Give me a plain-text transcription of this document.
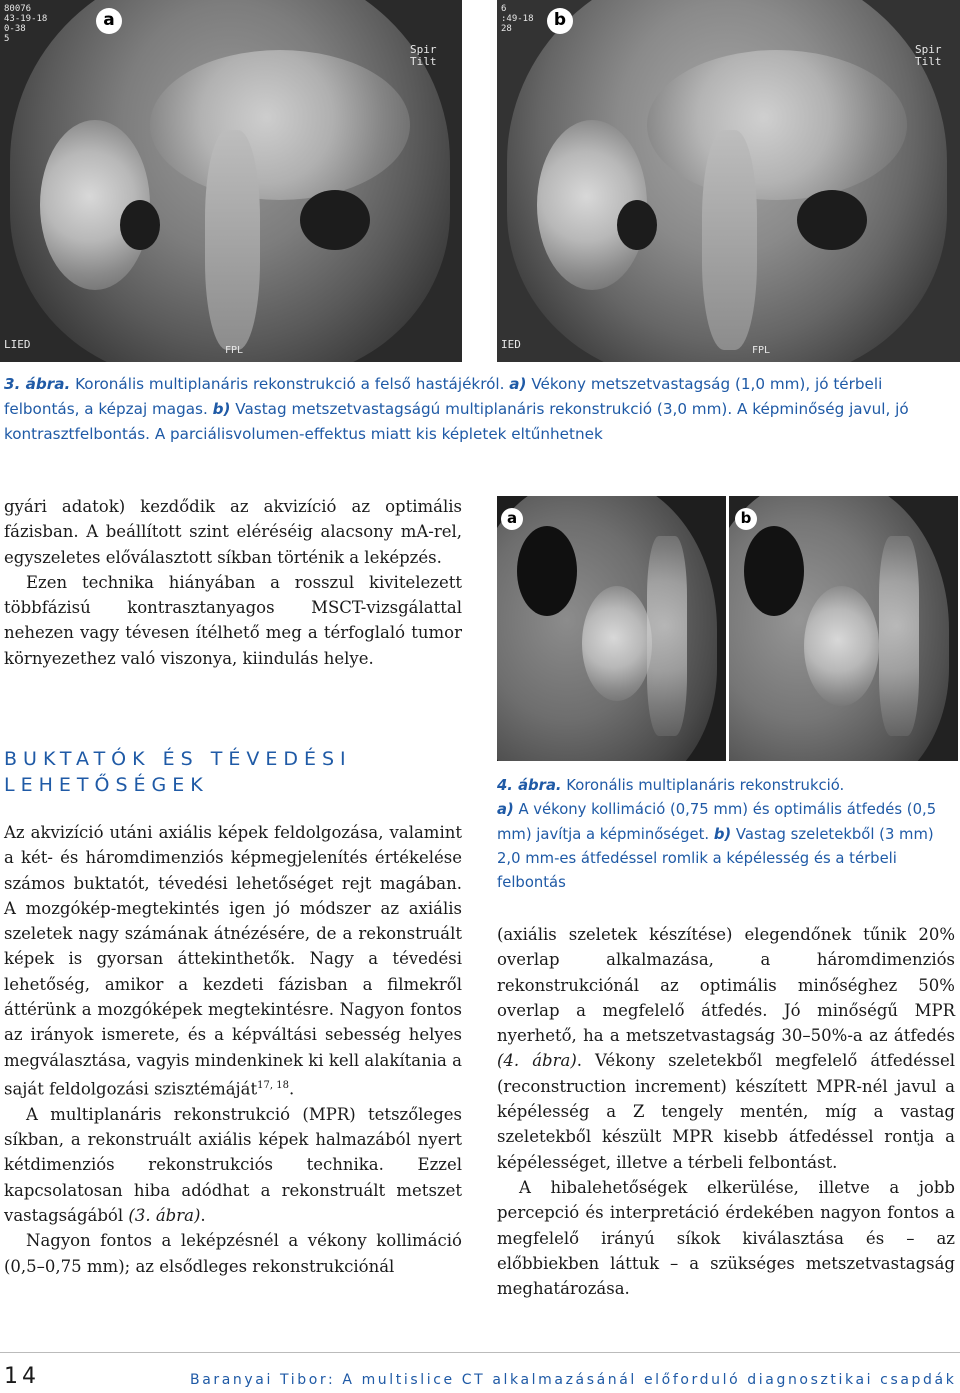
80076
43-19-18
0-38
5
Spir
Tilt
LIED	FPL
a
6
:49-18
28
Spir
Tilt
IED	FPL
b
3. ábra. Koronális multiplanáris rekonstrukció a felső hastájékról. a) Vékony metszetvastagság (1,0 mm), jó térbeli felbontás, a képzaj magas. b) Vastag metszetvastagságú multiplanáris rekonstrukció (3,0 mm). A képminőség javul, jó kontrasztfelbontás. A parciálisvolumen-effektus miatt kis képletek eltűnhetnek

gyári adatok) kezdődik az akvizíció az optimális fázisban. A beállított szint eléréséig alacsony mA-rel, egyszeletes előválasztott síkban történik a leképzés.

Ezen technika hiányában a rosszul kivitelezett többfázisú kontrasztanyagos MSCT-vizsgálattal nehezen vagy tévesen ítélhető meg a térfoglaló tumor környezethez való viszonya, kiindulás helye.

BUKTATÓK ÉS TÉVEDÉSI
LEHETŐSÉGEK

Az akvizíció utáni axiális képek feldolgozása, valamint a két- és háromdimenziós képmegjelenítés értékelése számos buktatót, tévedési lehetőséget rejt magában. A mozgókép-megtekintés igen jó módszer az axiális szeletek nagy számának átnézésére, de a rekonstruált képek is gyorsan áttekinthetők. Nagy a tévedési lehetőség, amikor a kezdeti fázisban a filmekről áttérünk a mozgóképek megtekintésre. Nagyon fontos az irányok ismerete, és a képváltási sebesség helyes megválasztása, vagyis mindenkinek ki kell alakítania a saját feldolgozási szisztémáját$^{17, 18}$.

A multiplanáris rekonstrukció (MPR) tetszőleges síkban, a rekonstruált axiális képek halmazából nyert kétdimenziós rekonstrukciós technika. Ezzel kapcsolatosan hiba adódhat a rekonstruált metszet vastagságából (3. ábra).

Nagyon fontos a leképzésnél a vékony kollimáció (0,5–0,75 mm); az elsődleges rekonstrukciónál

a	b
4. ábra. Koronális multiplanáris rekonstrukció.
a) A vékony kollimáció (0,75 mm) és optimális átfedés (0,5 mm) javítja a képminőséget. b) Vastag szeletekből (3 mm) 2,0 mm-es átfedéssel romlik a képélesség és a térbeli felbontás

(axiális szeletek készítése) elegendőnek tűnik 20% overlap alkalmazása, a háromdimenziós rekonstrukciónál az optimális minőséghez 50% overlap a megfelelő átfedés. Jó minőségű MPR nyerhető, ha a metszetvastagság 30–50%-a az átfedés (4. ábra). Vékony szeletekből megfelelő átfedéssel (reconstruction increment) készített MPR-nél javul a képélesség a Z tengely mentén, míg a vastag szeletekből készült MPR kisebb átfedéssel rontja a képélességet, illetve a térbeli felbontást.

A hibalehetőségek elkerülése, illetve a jobb percepció és interpretáció érdekében nagyon fontos a megfelelő irányú síkok kiválasztása és – az előbbiekben láttuk – a szükséges metszetvastagság meghatározása.

14	Baranyai Tibor: A multislice CT alkalmazásánál előforduló diagnosztikai csapdák
